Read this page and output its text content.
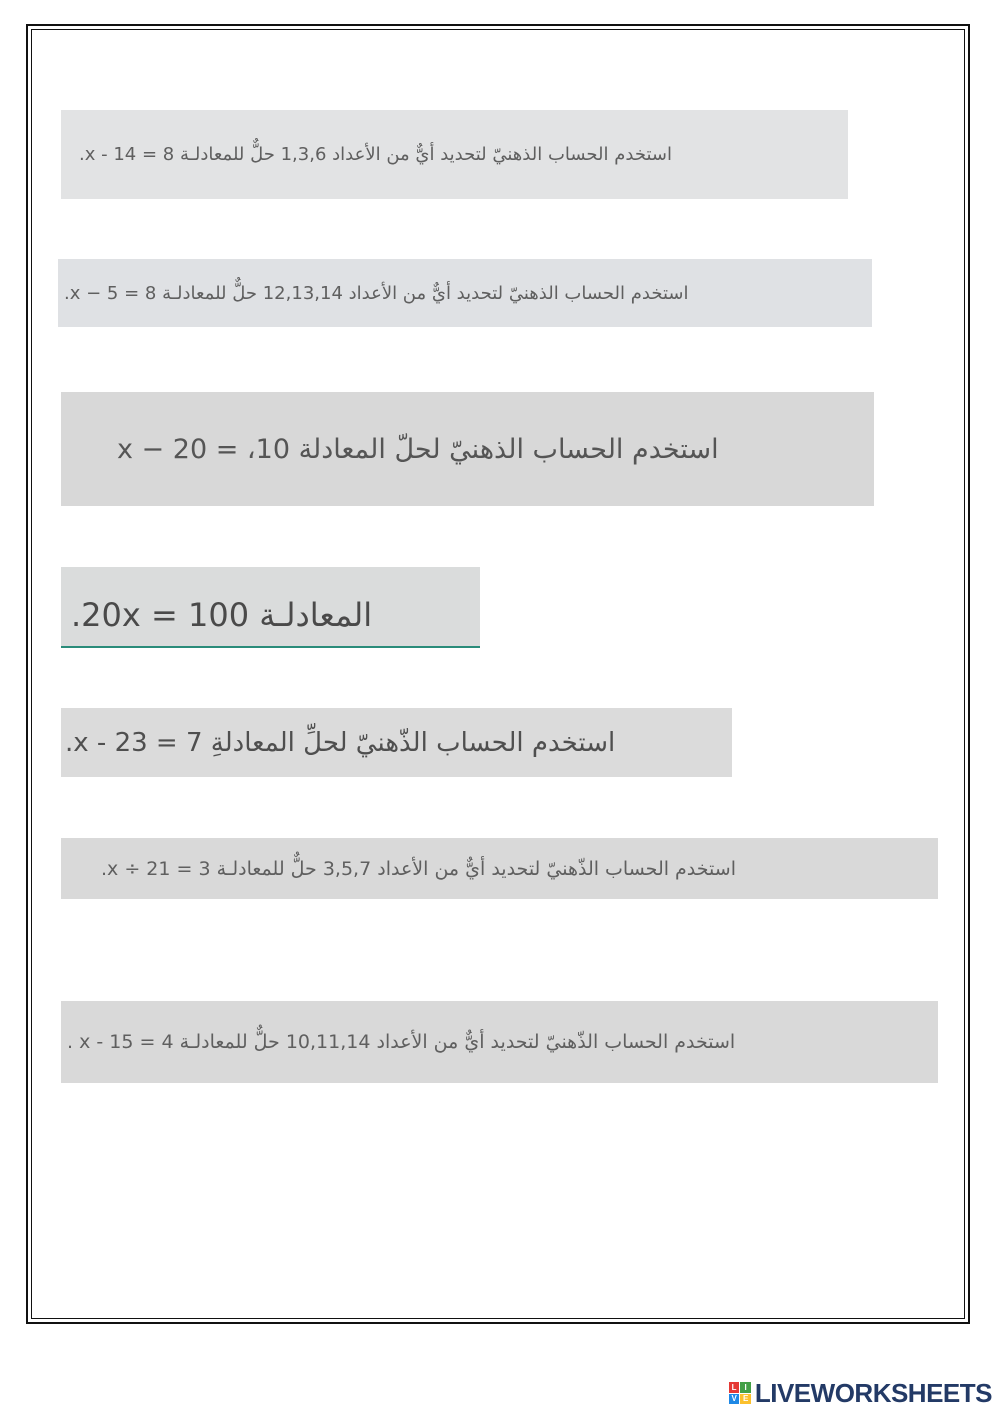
استخدم الحساب الذهنيّ لتحديد أيٌّ من الأعداد 1,3,6 حلٌّ للمعادلـة 8 = x - 14.
استخدم الحساب الذهنيّ لتحديد أيٌّ من الأعداد 12,13,14 حلٌّ للمعادلـة 8 = 5 − x.
استخدم الحساب الذهنيّ لحلّ المعادلة 10، = x − 20
المعادلـة 100 = 20x.
استخدم الحساب الذّهنيّ لحلِّ المعادلةِ 7 = x - 23.
استخدم الحساب الذّهنيّ لتحديد أيٌّ من الأعداد 3,5,7 حلٌّ للمعادلـة 3 = x ÷ 21.
استخدم الحساب الذّهنيّ لتحديد أيٌّ من الأعداد 10,11,14 حلٌّ للمعادلـة 4 = x - 15 .
L I
V E LIVEWORKSHEETS
